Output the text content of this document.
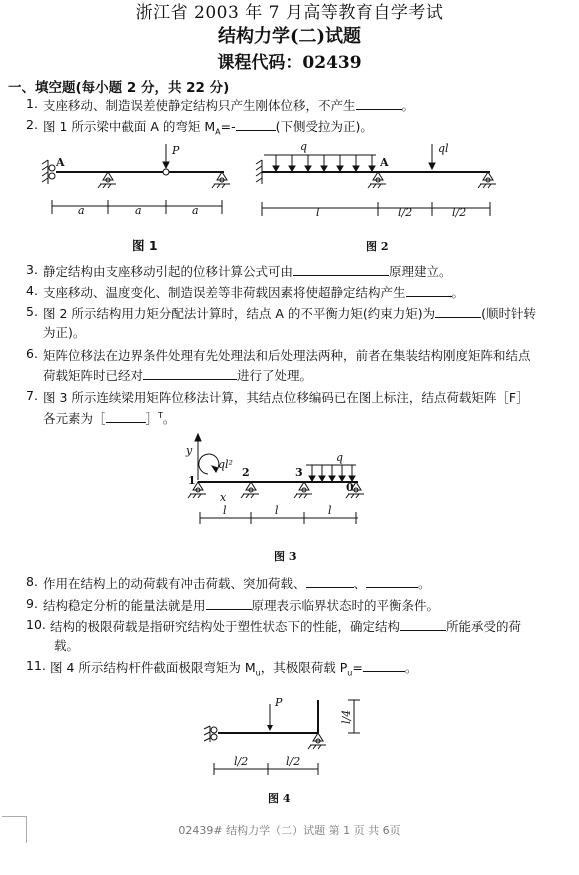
浙江省 2003 年 7 月高等教育自学考试
结构力学(二)试题
课程代码：02439
一、填空题(每小题 2 分，共 22 分)
1. 支座移动、制造误差使静定结构只产生刚体位移，不产生	。
2. 图 1 所示梁中截面 A 的弯矩 $M_A=-$	(下侧受拉为正)。
A
P
a	a	a
图 1
q
A
ql
l	l/2	l/2
图 2
3. 静定结构由支座移动引起的位移计算公式可由	原理建立。
4. 支座移动、温度变化、制造误差等非荷载因素将使超静定结构产生	。
5. 图 2 所示结构用力矩分配法计算时，结点 A 的不平衡力矩(约束力矩)为	(顺时针转
为正)。
6. 矩阵位移法在边界条件处理有先处理法和后处理法两种，前者在集装结构刚度矩阵和结点
荷载矩阵时已经对	进行了处理。
7. 图 3 所示连续梁用矩阵位移法计算，其结点位移编码已在图上标注，结点荷载矩阵［F］
各元素为［	］$^T$。
y
ql²
1
2	3
0
q
x
l	l	l
图 3
8. 作用在结构上的动荷载有冲击荷载、突加荷载、	、	。
9. 结构稳定分析的能量法就是用	原理表示临界状态时的平衡条件。
10. 结构的极限荷载是指研究结构处于塑性状态下的性能，确定结构	所能承受的荷
载。
11. 图 4 所示结构杆件截面极限弯矩为 $M_u$，其极限荷载 $P_u=$	。
P
l/2	l/2
l/4
图 4
02439# 结构力学（二）试题 第 1 页 共 6页
